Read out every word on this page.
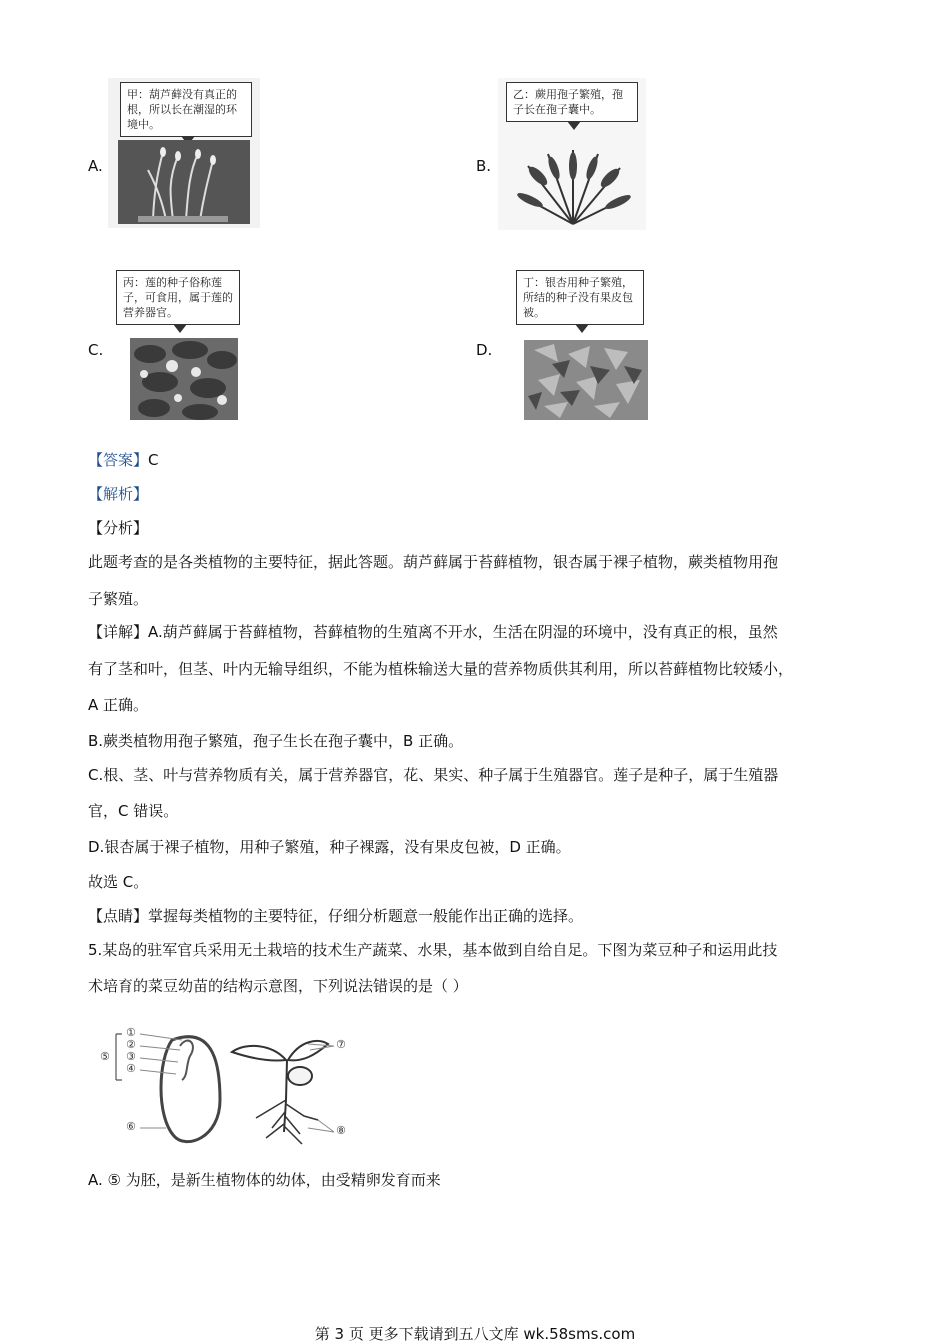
A.
甲：葫芦藓没有真正的根，所以长在潮湿的环境中。
B.
乙：蕨用孢子繁殖，孢子长在孢子囊中。
C.
丙：莲的种子俗称莲子，可食用，属于莲的营养器官。
D.
丁：银杏用种子繁殖，所结的种子没有果皮包被。
【答案】C
【解析】
【分析】
此题考查的是各类植物的主要特征，据此答题。葫芦藓属于苔藓植物，银杏属于裸子植物，蕨类植物用孢
子繁殖。
【详解】A.葫芦藓属于苔藓植物，苔藓植物的生殖离不开水，生活在阴湿的环境中，没有真正的根，虽然
有了茎和叶，但茎、叶内无输导组织，不能为植株输送大量的营养物质供其利用，所以苔藓植物比较矮小，
A 正确。
B.蕨类植物用孢子繁殖，孢子生长在孢子囊中，B 正确。
C.根、茎、叶与营养物质有关，属于营养器官，花、果实、种子属于生殖器官。莲子是种子，属于生殖器
官，C 错误。
D.银杏属于裸子植物，用种子繁殖，种子裸露，没有果皮包被，D 正确。
故选 C。
【点睛】掌握每类植物的主要特征，仔细分析题意一般能作出正确的选择。
5.某岛的驻军官兵采用无土栽培的技术生产蔬菜、水果，基本做到自给自足。下图为菜豆种子和运用此技
术培育的菜豆幼苗的结构示意图，下列说法错误的是（ ）
①
②
③
④
⑤
⑥
⑦
⑧
A. ⑤ 为胚，是新生植物体的幼体，由受精卵发育而来
第 3 页 更多下载请到五八文库 wk.58sms.com
